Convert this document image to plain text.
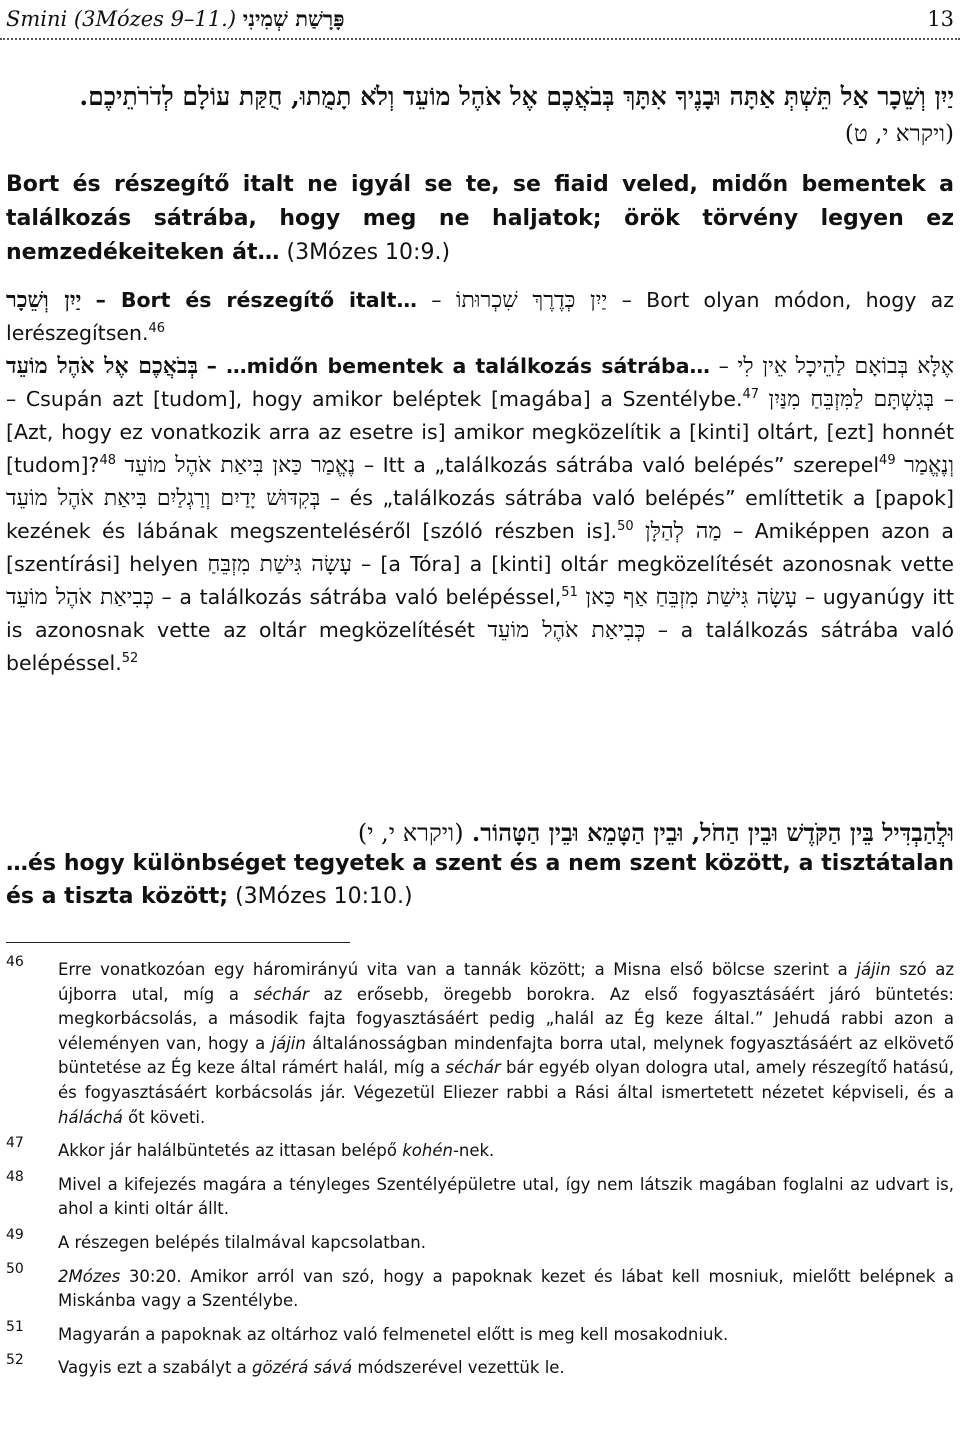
Smini (3Mózes 9–11.) פָּרָשַׁת שְׁמִינִי	13
יַיִן וְשֵׁכָר אַל תֵּשְׁתְּ אַתָּה וּבָנֶיךָ אִתָּךְ בְּבֹאֲכֶם אֶל אֹהֶל מוֹעֵד וְלֹא תָמֻתוּ, חֻקַּת עוֹלָם לְדֹרֹתֵיכֶם.
(ויקרא י, ט)
Bort és részegítő italt ne igyál se te, se fiaid veled, midőn bementek a találkozás sátrába, hogy meg ne haljatok; örök törvény legyen ez nemzedékeiteken át… (3Mózes 10:9.)
יַיִן וְשֵׁכָר – Bort és részegítő italt… – יַיִן כְּדֶרֶךְ שִׁכְרוּתוֹ – Bort olyan módon, hogy az lerészegítsen.$^{46}$
בְּבֹאֲכֶם אֶל אֹהֶל מוֹעֵד – …midőn bementek a találkozás sátrába… – אֵין לִי אֶלָּא בְּבוֹאָם לַהֵיכָל – Csupán azt [tudom], hogy amikor beléptek [magába] a Szentélybe.$^{47}$ בְּגִשְׁתָּם לַמִּזְבֵּחַ מִנַּיִן – [Azt, hogy ez vonatkozik arra az esetre is] amikor megközelítik a [kinti] oltárt, [ezt] honnét [tudom]?$^{48}$ נֶאֱמַר כַּאן בִּיאַת אֹהֶל מוֹעֵד – Itt a „találkozás sátrába való belépés” szerepel$^{49}$ וְנֶאֱמַר בְּקִדּוּשׁ יָדַיִם וְרַגְלַיִם בִּיאַת אֹהֶל מוֹעֵד – és „találkozás sátrába való belépés” említtetik a [papok] kezének és lábának megszenteléséről [szóló részben is].$^{50}$ מַה לְהַלָּן – Amiképpen azon a [szentírási] helyen עָשָׂה גִּישַׁת מִזְבֵּחַ – [a Tóra] a [kinti] oltár megközelítését azonosnak vette כְּבִיאַת אֹהֶל מוֹעֵד – a találkozás sátrába való belépéssel,$^{51}$ אַף כַּאן עָשָׂה גִּישַׁת מִזְבֵּחַ – ugyanúgy itt is azonosnak vette az oltár megközelítését כְּבִיאַת אֹהֶל מוֹעֵד – a találkozás sátrába való belépéssel.$^{52}$
וּלֲהַבְדִּיל בֵּין הַקֹּדֶשׁ וּבֵין הַחֹל, וּבֵין הַטָּמֵא וּבֵין הַטָּהוֹר. (ויקרא י, י)
…és hogy különbséget tegyetek a szent és a nem szent között, a tisztátalan és a tiszta között; (3Mózes 10:10.)
46 Erre vonatkozóan egy háromirányú vita van a tannák között; a Misna első bölcse szerint a jájin szó az újborra utal, míg a séchár az erősebb, öregebb borokra. Az első fogyasztásáért járó büntetés: megkorbácsolás, a második fajta fogyasztásáért pedig „halál az Ég keze által.” Jehudá rabbi azon a véleményen van, hogy a jájin általánosságban mindenfajta borra utal, melynek fogyasztásáért az elkövető büntetése az Ég keze által rámért halál, míg a séchár bár egyéb olyan dologra utal, amely részegítő hatású, és fogyasztásáért korbácsolás jár. Végezetül Eliezer rabbi a Rási által ismertetett nézetet képviseli, és a háláchá őt követi.
47 Akkor jár halálbüntetés az ittasan belépő kohén-nek.
48 Mivel a kifejezés magára a tényleges Szentélyépületre utal, így nem látszik magában foglalni az udvart is, ahol a kinti oltár állt.
49 A részegen belépés tilalmával kapcsolatban.
50 2Mózes 30:20. Amikor arról van szó, hogy a papoknak kezet és lábat kell mosniuk, mielőtt belépnek a Miskánba vagy a Szentélybe.
51 Magyarán a papoknak az oltárhoz való felmenetel előtt is meg kell mosakodniuk.
52 Vagyis ezt a szabályt a gözérá sává módszerével vezettük le.
